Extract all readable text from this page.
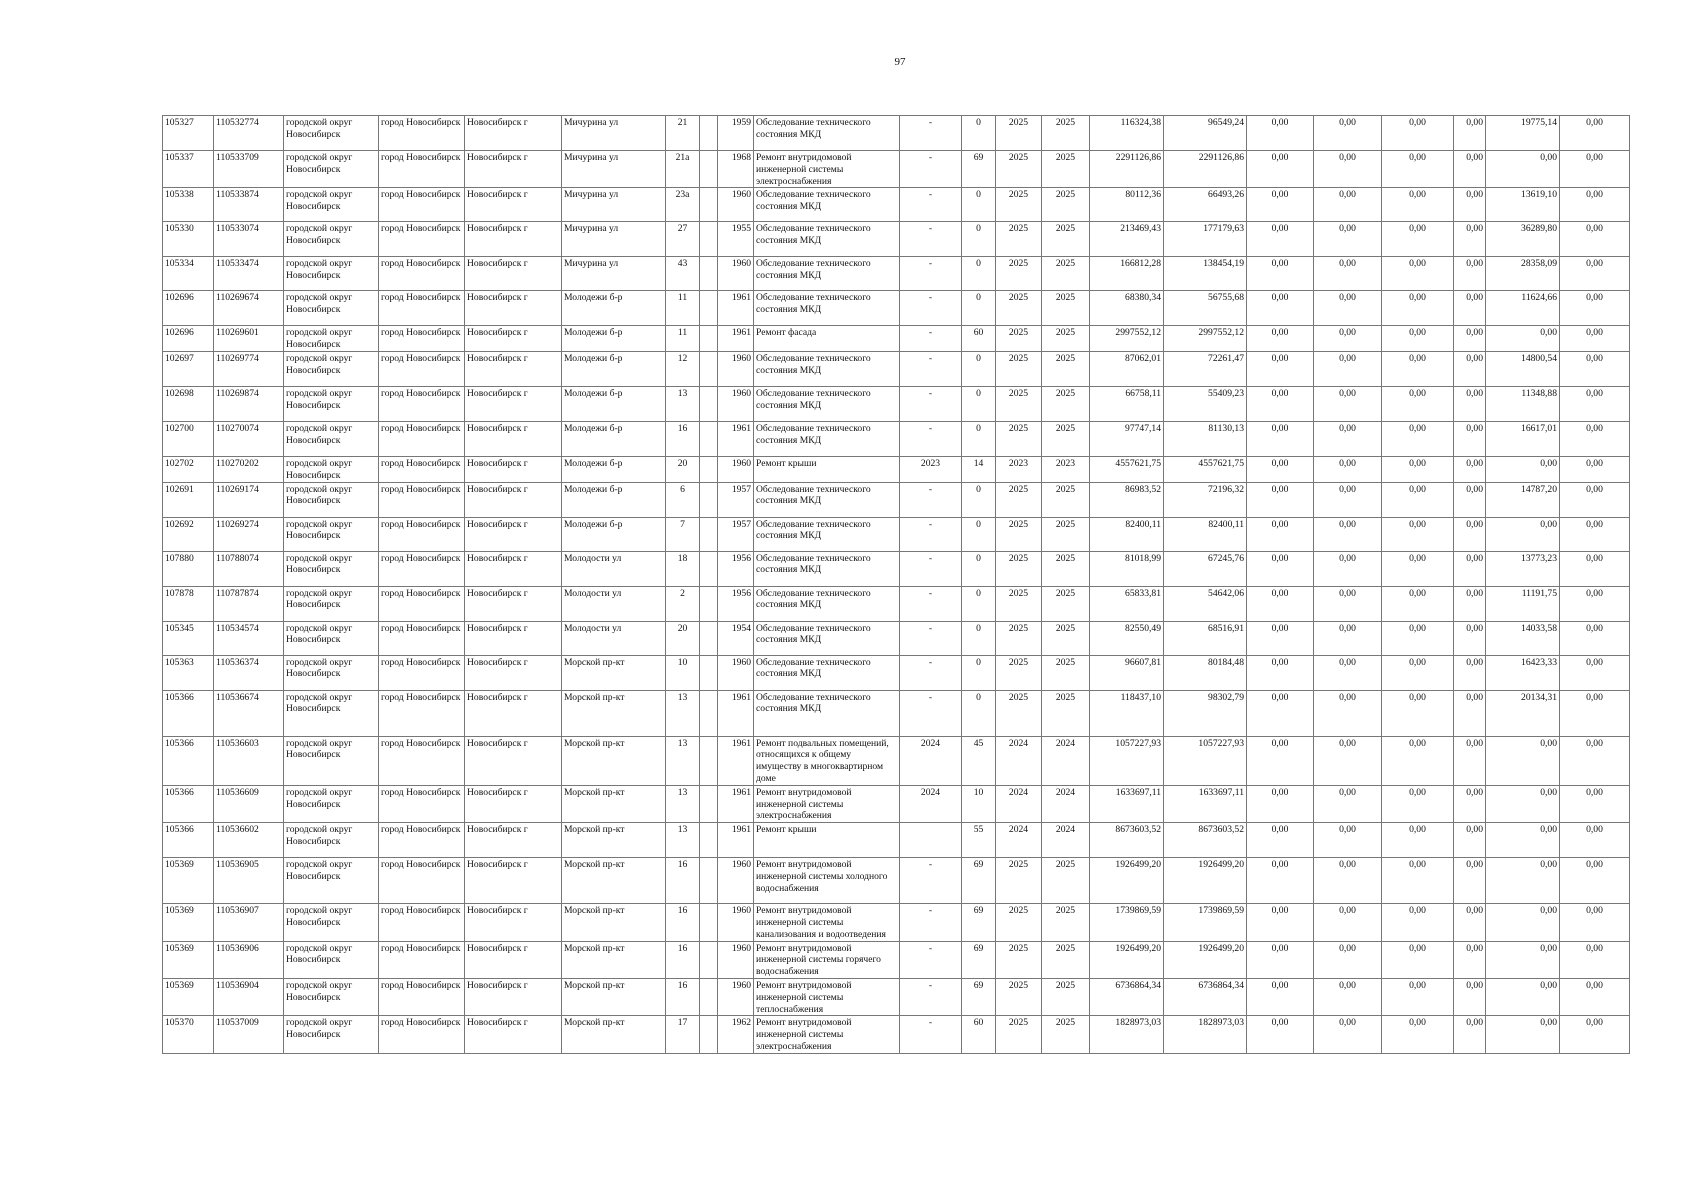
97
105327	110532774	городской округ Новосибирск	город Новосибирск	Новосибирск г	Мичурина ул	21		1959	Обследование технического состояния МКД	-	0	2025	2025	116324,38	96549,24	0,00	0,00	0,00	0,00	19775,14	0,00
105337	110533709	городской округ Новосибирск	город Новосибирск	Новосибирск г	Мичурина ул	21а		1968	Ремонт внутридомовой инженерной системы электроснабжения	-	69	2025	2025	2291126,86	2291126,86	0,00	0,00	0,00	0,00	0,00	0,00
105338	110533874	городской округ Новосибирск	город Новосибирск	Новосибирск г	Мичурина ул	23а		1960	Обследование технического состояния МКД	-	0	2025	2025	80112,36	66493,26	0,00	0,00	0,00	0,00	13619,10	0,00
105330	110533074	городской округ Новосибирск	город Новосибирск	Новосибирск г	Мичурина ул	27		1955	Обследование технического состояния МКД	-	0	2025	2025	213469,43	177179,63	0,00	0,00	0,00	0,00	36289,80	0,00
105334	110533474	городской округ Новосибирск	город Новосибирск	Новосибирск г	Мичурина ул	43		1960	Обследование технического состояния МКД	-	0	2025	2025	166812,28	138454,19	0,00	0,00	0,00	0,00	28358,09	0,00
102696	110269674	городской округ Новосибирск	город Новосибирск	Новосибирск г	Молодежи б-р	11		1961	Обследование технического состояния МКД	-	0	2025	2025	68380,34	56755,68	0,00	0,00	0,00	0,00	11624,66	0,00
102696	110269601	городской округ Новосибирск	город Новосибирск	Новосибирск г	Молодежи б-р	11		1961	Ремонт фасада	-	60	2025	2025	2997552,12	2997552,12	0,00	0,00	0,00	0,00	0,00	0,00
102697	110269774	городской округ Новосибирск	город Новосибирск	Новосибирск г	Молодежи б-р	12		1960	Обследование технического состояния МКД	-	0	2025	2025	87062,01	72261,47	0,00	0,00	0,00	0,00	14800,54	0,00
102698	110269874	городской округ Новосибирск	город Новосибирск	Новосибирск г	Молодежи б-р	13		1960	Обследование технического состояния МКД	-	0	2025	2025	66758,11	55409,23	0,00	0,00	0,00	0,00	11348,88	0,00
102700	110270074	городской округ Новосибирск	город Новосибирск	Новосибирск г	Молодежи б-р	16		1961	Обследование технического состояния МКД	-	0	2025	2025	97747,14	81130,13	0,00	0,00	0,00	0,00	16617,01	0,00
102702	110270202	городской округ Новосибирск	город Новосибирск	Новосибирск г	Молодежи б-р	20		1960	Ремонт крыши	2023	14	2023	2023	4557621,75	4557621,75	0,00	0,00	0,00	0,00	0,00	0,00
102691	110269174	городской округ Новосибирск	город Новосибирск	Новосибирск г	Молодежи б-р	6		1957	Обследование технического состояния МКД	-	0	2025	2025	86983,52	72196,32	0,00	0,00	0,00	0,00	14787,20	0,00
102692	110269274	городской округ Новосибирск	город Новосибирск	Новосибирск г	Молодежи б-р	7		1957	Обследование технического состояния МКД	-	0	2025	2025	82400,11	82400,11	0,00	0,00	0,00	0,00	0,00	0,00
107880	110788074	городской округ Новосибирск	город Новосибирск	Новосибирск г	Молодости ул	18		1956	Обследование технического состояния МКД	-	0	2025	2025	81018,99	67245,76	0,00	0,00	0,00	0,00	13773,23	0,00
107878	110787874	городской округ Новосибирск	город Новосибирск	Новосибирск г	Молодости ул	2		1956	Обследование технического состояния МКД	-	0	2025	2025	65833,81	54642,06	0,00	0,00	0,00	0,00	11191,75	0,00
105345	110534574	городской округ Новосибирск	город Новосибирск	Новосибирск г	Молодости ул	20		1954	Обследование технического состояния МКД	-	0	2025	2025	82550,49	68516,91	0,00	0,00	0,00	0,00	14033,58	0,00
105363	110536374	городской округ Новосибирск	город Новосибирск	Новосибирск г	Морской пр-кт	10		1960	Обследование технического состояния МКД	-	0	2025	2025	96607,81	80184,48	0,00	0,00	0,00	0,00	16423,33	0,00
105366	110536674	городской округ Новосибирск	город Новосибирск	Новосибирск г	Морской пр-кт	13		1961	Обследование технического состояния МКД	-	0	2025	2025	118437,10	98302,79	0,00	0,00	0,00	0,00	20134,31	0,00
105366	110536603	городской округ Новосибирск	город Новосибирск	Новосибирск г	Морской пр-кт	13		1961	Ремонт подвальных помещений, относящихся к общему имуществу в многоквартирном доме	2024	45	2024	2024	1057227,93	1057227,93	0,00	0,00	0,00	0,00	0,00	0,00
105366	110536609	городской округ Новосибирск	город Новосибирск	Новосибирск г	Морской пр-кт	13		1961	Ремонт внутридомовой инженерной системы электроснабжения	2024	10	2024	2024	1633697,11	1633697,11	0,00	0,00	0,00	0,00	0,00	0,00
105366	110536602	городской округ Новосибирск	город Новосибирск	Новосибирск г	Морской пр-кт	13		1961	Ремонт крыши		55	2024	2024	8673603,52	8673603,52	0,00	0,00	0,00	0,00	0,00	0,00
105369	110536905	городской округ Новосибирск	город Новосибирск	Новосибирск г	Морской пр-кт	16		1960	Ремонт внутридомовой инженерной системы холодного водоснабжения	-	69	2025	2025	1926499,20	1926499,20	0,00	0,00	0,00	0,00	0,00	0,00
105369	110536907	городской округ Новосибирск	город Новосибирск	Новосибирск г	Морской пр-кт	16		1960	Ремонт внутридомовой инженерной системы канализования и водоотведения	-	69	2025	2025	1739869,59	1739869,59	0,00	0,00	0,00	0,00	0,00	0,00
105369	110536906	городской округ Новосибирск	город Новосибирск	Новосибирск г	Морской пр-кт	16		1960	Ремонт внутридомовой инженерной системы горячего водоснабжения	-	69	2025	2025	1926499,20	1926499,20	0,00	0,00	0,00	0,00	0,00	0,00
105369	110536904	городской округ Новосибирск	город Новосибирск	Новосибирск г	Морской пр-кт	16		1960	Ремонт внутридомовой инженерной системы теплоснабжения	-	69	2025	2025	6736864,34	6736864,34	0,00	0,00	0,00	0,00	0,00	0,00
105370	110537009	городской округ Новосибирск	город Новосибирск	Новосибирск г	Морской пр-кт	17		1962	Ремонт внутридомовой инженерной системы электроснабжения	-	60	2025	2025	1828973,03	1828973,03	0,00	0,00	0,00	0,00	0,00	0,00
